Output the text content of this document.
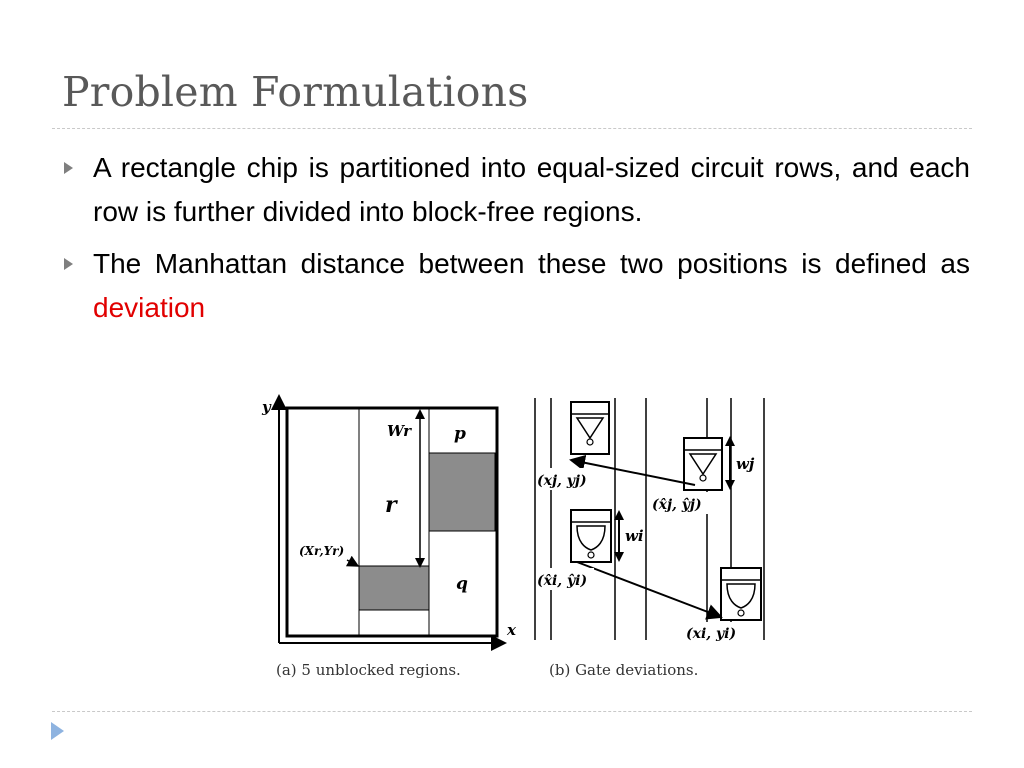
Problem Formulations
A rectangle chip is partitioned into equal-sized circuit rows, and each row is further divided into block-free regions.
The Manhattan distance between these two positions is defined as deviation
y
x
Wr
r
p
q
(Xr,Yr)
(a) 5 unblocked regions.
(xj, yj)
(x̂j, ŷj)
wj
wi
(x̂i, ŷi)
(xi, yi)
(b) Gate deviations.
